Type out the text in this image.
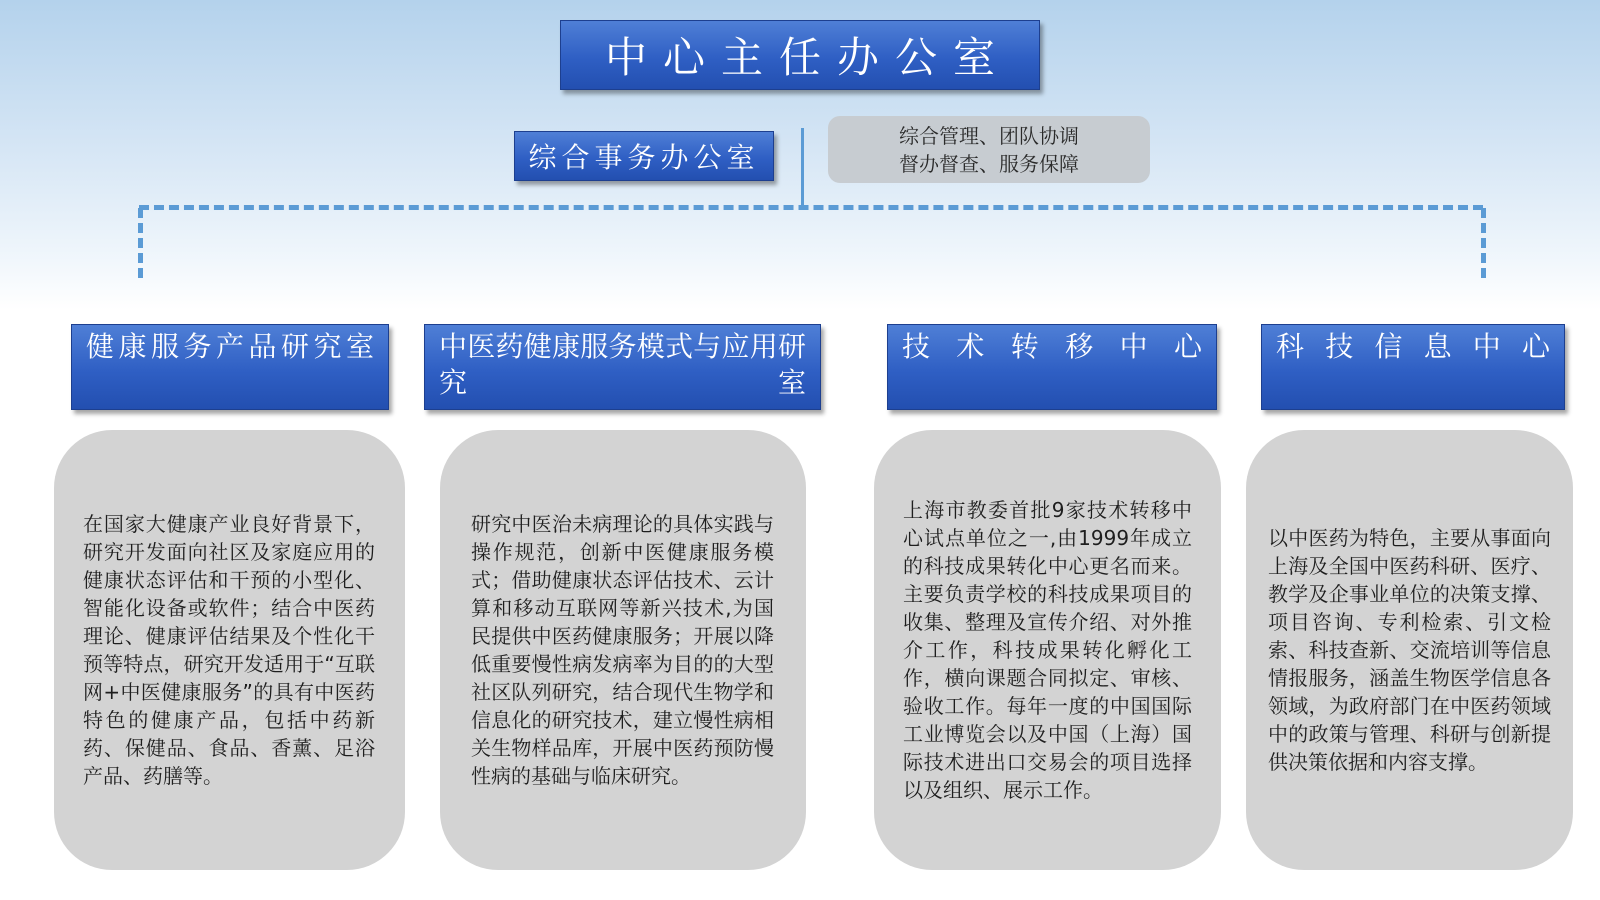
中心主任办公室
综合事务办公室
综合管理、团队协调
督办督查、服务保障
健康服务产品研究室	中医药健康服务模式与应用研究室
技术转移中心	科技信息中心

在国家大健康产业良好背景下，研究开发面向社区及家庭应用的健康状态评估和干预的小型化、智能化设备或软件；结合中医药理论、健康评估结果及个性化干预等特点，研究开发适用于“互联网+中医健康服务”的具有中医药特色的健康产品，包括中药新药、保健品、食品、香薰、足浴产品、药膳等。

研究中医治未病理论的具体实践与操作规范，创新中医健康服务模式；借助健康状态评估技术、云计算和移动互联网等新兴技术,为国民提供中医药健康服务；开展以降低重要慢性病发病率为目的的大型社区队列研究，结合现代生物学和信息化的研究技术，建立慢性病相关生物样品库，开展中医药预防慢性病的基础与临床研究。

上海市教委首批9家技术转移中心试点单位之一,由1999年成立的科技成果转化中心更名而来。主要负责学校的科技成果项目的收集、整理及宣传介绍、对外推介工作，科技成果转化孵化工作，横向课题合同拟定、审核、验收工作。每年一度的中国国际工业博览会以及中国（上海）国际技术进出口交易会的项目选择以及组织、展示工作。

以中医药为特色，主要从事面向上海及全国中医药科研、医疗、教学及企事业单位的决策支撑、项目咨询、专利检索、引文检索、科技查新、交流培训等信息情报服务，涵盖生物医学信息各领域，为政府部门在中医药领域中的政策与管理、科研与创新提供决策依据和内容支撑。
